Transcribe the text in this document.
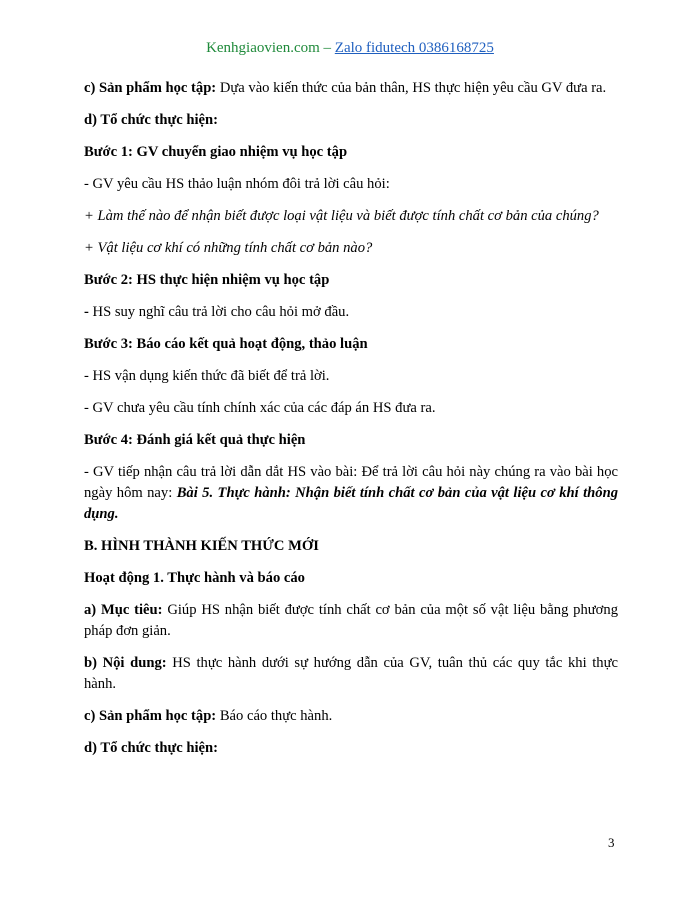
Kenhgiaovien.com – Zalo fidutech 0386168725

c) Sản phẩm học tập: Dựa vào kiến thức của bản thân, HS thực hiện yêu cầu GV đưa ra.

d) Tổ chức thực hiện:

Bước 1: GV chuyển giao nhiệm vụ học tập

- GV yêu cầu HS thảo luận nhóm đôi trả lời câu hỏi:

+ Làm thế nào để nhận biết được loại vật liệu và biết được tính chất cơ bản của chúng?

+ Vật liệu cơ khí có những tính chất cơ bản nào?

Bước 2: HS thực hiện nhiệm vụ học tập

- HS suy nghĩ câu trả lời cho câu hỏi mở đầu.

Bước 3: Báo cáo kết quả hoạt động, thảo luận

- HS vận dụng kiến thức đã biết để trả lời.

- GV chưa yêu cầu tính chính xác của các đáp án HS đưa ra.

Bước 4: Đánh giá kết quả thực hiện

- GV tiếp nhận câu trả lời dẫn dắt HS vào bài: Để trả lời câu hỏi này chúng ra vào bài học ngày hôm nay: Bài 5. Thực hành: Nhận biết tính chất cơ bản của vật liệu cơ khí thông dụng.

B. HÌNH THÀNH KIẾN THỨC MỚI

Hoạt động 1. Thực hành và báo cáo

a) Mục tiêu: Giúp HS nhận biết được tính chất cơ bản của một số vật liệu bằng phương pháp đơn giản.

b) Nội dung: HS thực hành dưới sự hướng dẫn của GV, tuân thủ các quy tắc khi thực hành.

c) Sản phẩm học tập: Báo cáo thực hành.

d) Tổ chức thực hiện:

3
